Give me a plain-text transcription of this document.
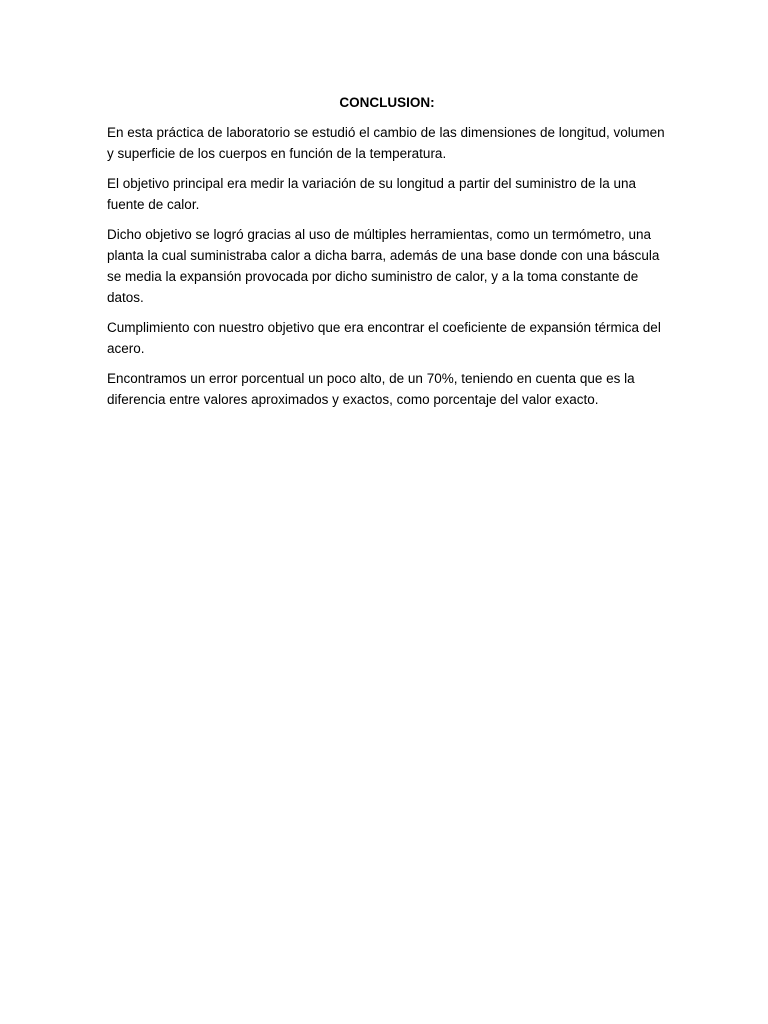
CONCLUSION:

En esta práctica de laboratorio se estudió el cambio de las dimensiones de longitud, volumen y superficie de los cuerpos en función de la temperatura.

El objetivo principal era medir la variación de su longitud a partir del suministro de la una fuente de calor.

Dicho objetivo se logró gracias al uso de múltiples herramientas, como un termómetro, una planta la cual suministraba calor a dicha barra, además de una base donde con una báscula se media la expansión provocada por dicho suministro de calor, y a la toma constante de datos.

Cumplimiento con nuestro objetivo que era encontrar el coeficiente de expansión térmica del acero.

Encontramos un error porcentual un poco alto, de un 70%, teniendo en cuenta que es la diferencia entre valores aproximados y exactos, como porcentaje del valor exacto.
